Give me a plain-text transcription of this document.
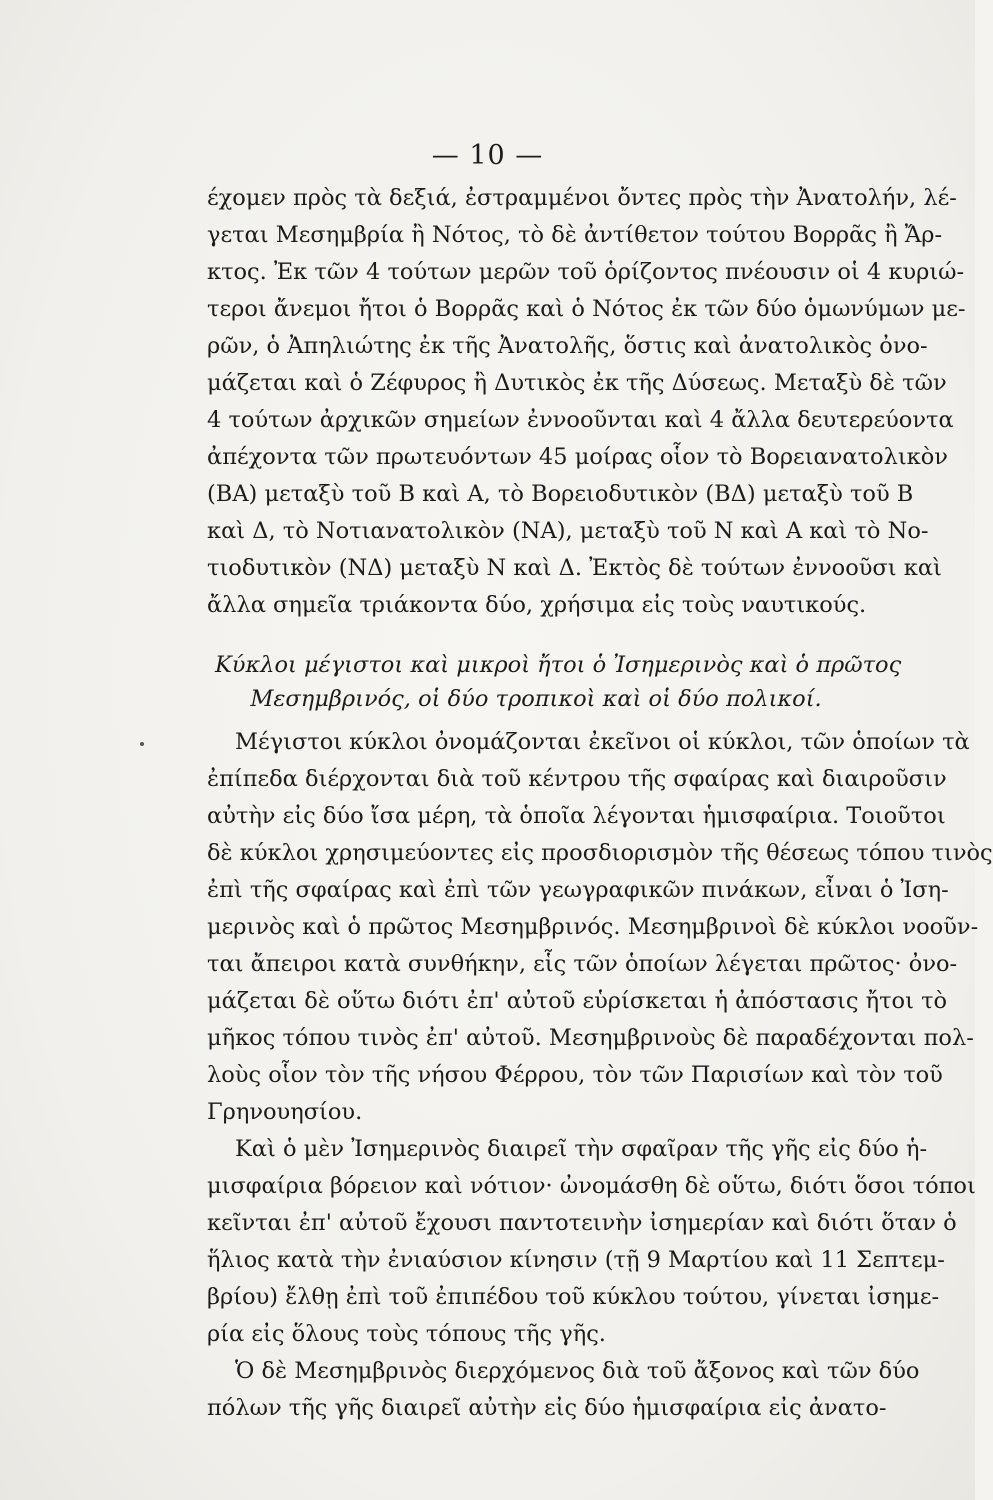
— 10 —
έχομεν πρὸς τὰ δεξιά, ἐστραμμένοι ὄντες πρὸς τὴν Ἀνατολήν, λέ-
γεται Μεσημβρία ἢ Νότος, τὸ δὲ ἀντίθετον τούτου Βορρᾶς ἢ Ἄρ-
κτος. Ἐκ τῶν 4 τούτων μερῶν τοῦ ὁρίζοντος πνέουσιν οἱ 4 κυριώ-
τεροι ἄνεμοι ἤτοι ὁ Βορρᾶς καὶ ὁ Νότος ἐκ τῶν δύο ὁμωνύμων με-
ρῶν, ὁ Ἀπηλιώτης ἐκ τῆς Ἀνατολῆς, ὅστις καὶ ἀνατολικὸς ὀνο-
μάζεται καὶ ὁ Ζέφυρος ἢ Δυτικὸς ἐκ τῆς Δύσεως. Μεταξὺ δὲ τῶν
4 τούτων ἀρχικῶν σημείων ἐννοοῦνται καὶ 4 ἄλλα δευτερεύοντα
ἀπέχοντα τῶν πρωτευόντων 45 μοίρας οἷον τὸ Βορειανατολικὸν
(ΒΑ) μεταξὺ τοῦ Β καὶ Α, τὸ Βορειοδυτικὸν (ΒΔ) μεταξὺ τοῦ Β
καὶ Δ, τὸ Νοτιανατολικὸν (ΝΑ), μεταξὺ τοῦ Ν καὶ Α καὶ τὸ Νο-
τιοδυτικὸν (ΝΔ) μεταξὺ Ν καὶ Δ. Ἐκτὸς δὲ τούτων ἐννοοῦσι καὶ
ἄλλα σημεῖα τριάκοντα δύο, χρήσιμα εἰς τοὺς ναυτικούς.
Κύκλοι μέγιστοι καὶ μικροὶ ἤτοι ὁ Ἰσημερινὸς καὶ ὁ πρῶτος
Μεσημβρινός, οἱ δύο τροπικοὶ καὶ οἱ δύο πολικοί.
Μέγιστοι κύκλοι ὀνομάζονται ἐκεῖνοι οἱ κύκλοι, τῶν ὁποίων τὰ
ἐπίπεδα διέρχονται διὰ τοῦ κέντρου τῆς σφαίρας καὶ διαιροῦσιν
αὐτὴν εἰς δύο ἴσα μέρη, τὰ ὁποῖα λέγονται ἡμισφαίρια. Τοιοῦτοι
δὲ κύκλοι χρησιμεύοντες εἰς προσδιορισμὸν τῆς θέσεως τόπου τινὸς
ἐπὶ τῆς σφαίρας καὶ ἐπὶ τῶν γεωγραφικῶν πινάκων, εἶναι ὁ Ἰση-
μερινὸς καὶ ὁ πρῶτος Μεσημβρινός. Μεσημβρινοὶ δὲ κύκλοι νοοῦν-
ται ἄπειροι κατὰ συνθήκην, εἷς τῶν ὁποίων λέγεται πρῶτος· ὀνο-
μάζεται δὲ οὕτω διότι ἐπ' αὐτοῦ εὑρίσκεται ἡ ἀπόστασις ἤτοι τὸ
μῆκος τόπου τινὸς ἐπ' αὐτοῦ. Μεσημβρινοὺς δὲ παραδέχονται πολ-
λοὺς οἷον τὸν τῆς νήσου Φέρρου, τὸν τῶν Παρισίων καὶ τὸν τοῦ
Γρηνουησίου.
Καὶ ὁ μὲν Ἰσημερινὸς διαιρεῖ τὴν σφαῖραν τῆς γῆς εἰς δύο ἡ-
μισφαίρια βόρειον καὶ νότιον· ὠνομάσθη δὲ οὕτω, διότι ὅσοι τόποι
κεῖνται ἐπ' αὐτοῦ ἔχουσι παντοτεινὴν ἰσημερίαν καὶ διότι ὅταν ὁ
ἥλιος κατὰ τὴν ἐνιαύσιον κίνησιν (τῇ 9 Μαρτίου καὶ 11 Σεπτεμ-
βρίου) ἔλθῃ ἐπὶ τοῦ ἐπιπέδου τοῦ κύκλου τούτου, γίνεται ἰσημε-
ρία εἰς ὅλους τοὺς τόπους τῆς γῆς.
Ὁ δὲ Μεσημβρινὸς διερχόμενος διὰ τοῦ ἄξονος καὶ τῶν δύο
πόλων τῆς γῆς διαιρεῖ αὐτὴν εἰς δύο ἡμισφαίρια εἰς ἀνατο-
